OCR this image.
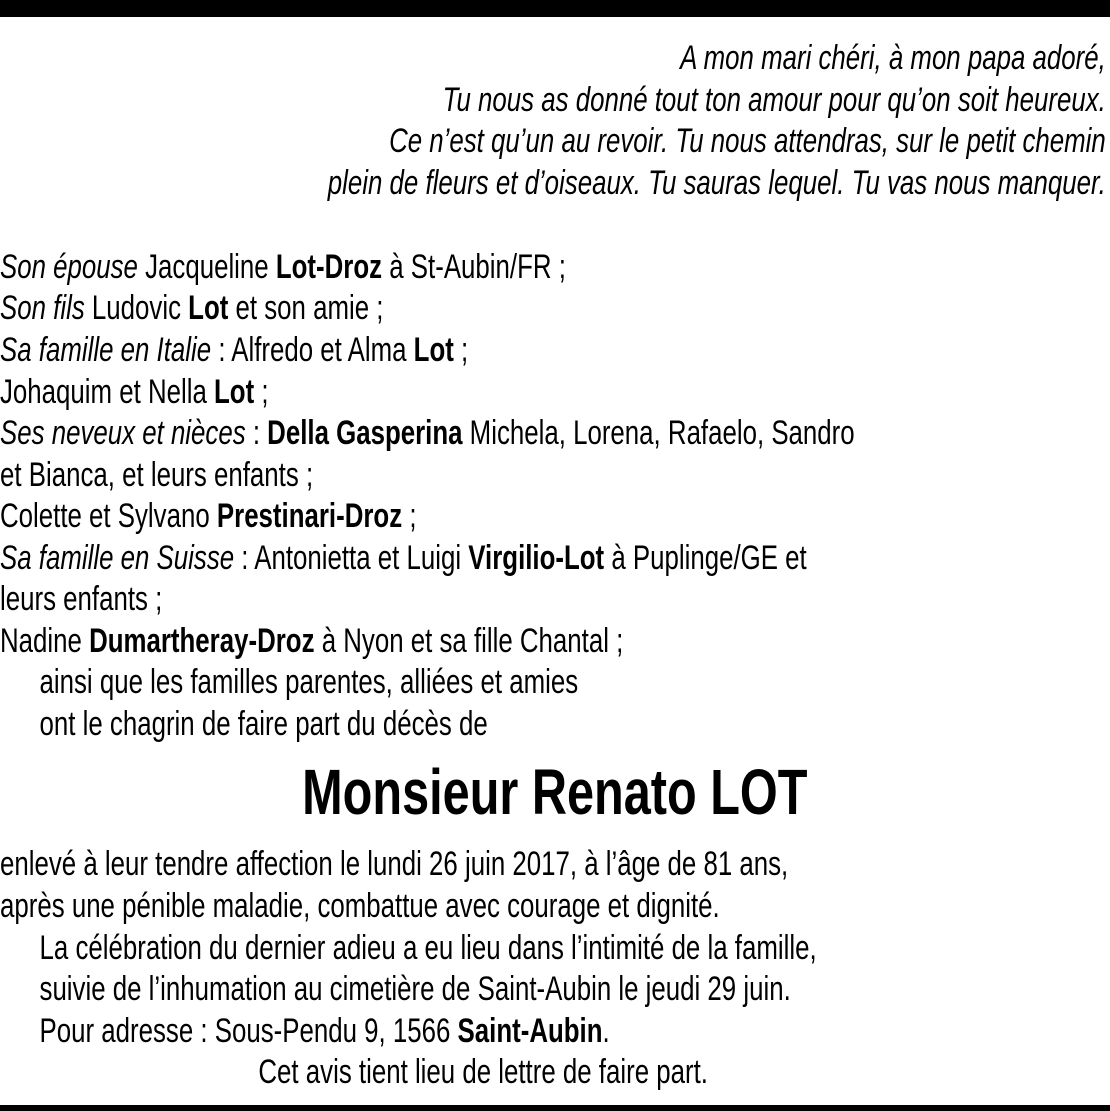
A mon mari chéri, à mon papa adoré,
Tu nous as donné tout ton amour pour qu’on soit heureux.
Ce n’est qu’un au revoir. Tu nous attendras, sur le petit chemin
plein de fleurs et d’oiseaux. Tu sauras lequel. Tu vas nous manquer.
Son épouse Jacqueline Lot-Droz à St-Aubin/FR ;
Son fils Ludovic Lot et son amie ;
Sa famille en Italie : Alfredo et Alma Lot ;
Johaquim et Nella Lot ;
Ses neveux et nièces : Della Gasperina Michela, Lorena, Rafaelo, Sandro
et Bianca, et leurs enfants ;
Colette et Sylvano Prestinari-Droz ;
Sa famille en Suisse : Antonietta et Luigi Virgilio-Lot à Puplinge/GE et
leurs enfants ;
Nadine Dumartheray-Droz à Nyon et sa fille Chantal ;
ainsi que les familles parentes, alliées et amies
ont le chagrin de faire part du décès de
Monsieur Renato LOT
enlevé à leur tendre affection le lundi 26 juin 2017, à l’âge de 81 ans,
après une pénible maladie, combattue avec courage et dignité.
La célébration du dernier adieu a eu lieu dans l’intimité de la famille,
suivie de l’inhumation au cimetière de Saint-Aubin le jeudi 29 juin.
Pour adresse : Sous-Pendu 9, 1566 Saint-Aubin.
Cet avis tient lieu de lettre de faire part.
